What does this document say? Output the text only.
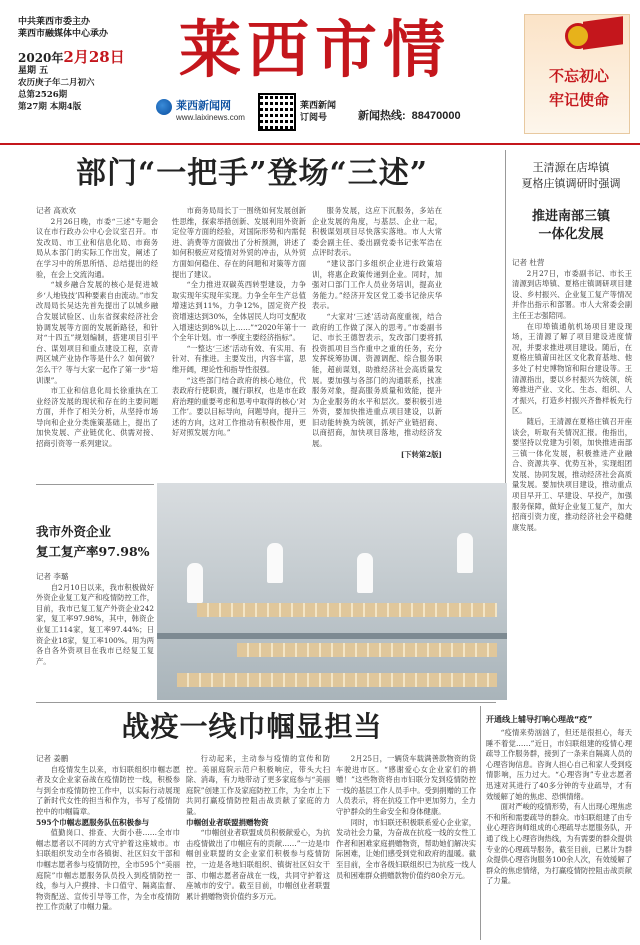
中共莱西市委主办
莱西市融媒体中心承办
2020年2月28日
星期 五
农历庚子年二月初六
总第2526期
第27期 本期4版
莱西市情
莱西新闻网
www.laixinews.com
莱西新闻
订阅号	新闻热线: 88470000
不忘初心
牢记使命
部门“一把手”登场“三述”
记者 高欢欢

2月26日晚，市委“三述”专题会议在市行政办公中心会议室召开。市发改局、市工业和信息化局、市商务局从本部门的实际工作出发，阐述了在学习中的所思所悟、总结提出的经验，在会上交流沟通。

“城乡融合发展的核心是促进城乡‘人地钱技’四种要素自由流动。”市发改局局长吴达先首先提出了以城乡融合发展试验区、山东省探索经济社会协调发展等方面的发展新路径，和针对“十四五”规划编制，搭建项目引平台、谋划项目和重点建设工程，京青两区城产业协作等是什么？如何做？怎么干？等与大家一起作了第一步“培训课”。

市工业和信息化局长徐重执在工业经济发展的现状和存在的主要问题方面，并作了相关分析，从坚持市场导向和企业分类施策基础上，提出了加快发展、产业链优化、供需对接、招商引资等一系列建议。

市商务局局长丁一围绕如何发展创新性思维，探索举措创新、发展利用外资新定位等方面的经验，对国际形势和内需促进、消费等方面做出了分析预测，讲述了如何积极应对疫情对外贸的冲击，从外贸方面如何稳住、存在的问题和对策等方面提出了建议。

“全力推进双碳英西转型建设，力争取实现年实现年实现。力争全年生产总值增速达到11%，力争12%，固定资产投资增速达到30%，全体居民人均可支配收入增速达到8%以上……”“2020年第十一个全年计划。市一季度主要经济指标”。

“一整达‘三述’活动有效、有实用、有针对、有推进。主要发出，内容丰富，思维开阔，理论性和指导性很强。

“这些部门结合政府的核心地位，代表政府行使职责，履行职权，也是市在政府治理的重要考虑和思考中取得的核心‘对工作’。要以目标导向，问题导向，提升三述的方向，这对工作推动有积极作用，更好对照发展方向。”

服务发展，这应下沉服务，多站在企业发展的角度，与基层、企业一起，积极谋划项目尽快落实落地。市人大常委会副主任、委出副党委书记张军浩在点评时表示。

“建议部门多组织企业进行政策培训，将惠企政策传递到企业。同时，加强对口部门工作人员业务培训，提高业务能力。”经济开发区党工委书记徐庆华表示。

“大家对‘三述’活动高度重视，结合政府的工作做了深入的思考。”市委副书记、市长王德智表示，发改部门要将抓投资抓项目当作重中之重的任务，充分发挥统筹协调、资源调配、综合服务职能，超前谋划，助推经济社会高质量发展。要加强与各部门的沟通联系，找准服务对象，提高服务质量和效能，提升为企业服务的水平和层次。要积极引进外资，要加快推进重点项目建设，以新旧动能转换为统领，抓好产业链招商、以商招商，加快项目落地，推动经济发展。

[下转第2版]
王清源在店埠镇
夏格庄镇调研时强调
推进南部三镇
一体化发展
记者 杜营

2月27日，市委副书记、市长王清源到店埠镇、夏格庄镇调研项目建设、乡村振兴、企业复工复产等情况并作出指示和部署。市人大常委会副主任王志强陪同。

在印埠镇通航机场项目建设现场，王清源了解了项目建设进度情况，并要求推进项目建设。随后，在夏格庄镇莆田社区文化教育基地、他多处了村史博物馆和阳台建设等。王清源指出，要以乡村振兴为统领，统筹推进产业、文化、生态、组织、人才振兴，打造乡村振兴齐鲁样板先行区。

随后，王清源在夏格庄镇召开座谈会，听取有关情况汇报。他指出，要坚持以党建为引领，加快推进南部三镇一体化发展，积极推进产业融合、资源共享、优势互补，实现组团发展、协同发展，推动经济社会高质量发展。要加快项目建设，推动重点项目早开工、早建设、早投产，加强服务保障，做好企业复工复产，加大招商引资力度，推动经济社会平稳健康发展。

我市外资企业
复工复产率97.98%
记者 李璐

自2月10日以来，我市积极做好外资企业复工复产和疫情防控工作，目前，我市已复工复产外资企业242家，复工率97.98%，其中，韩资企业复工114家，复工率97.44%；日资企业18家，复工率100%。用为两各自各外资项目在我市已经复工复产。

战疫一线巾帼显担当
记者 姜鹏

自疫情发生以来，市妇联组织巾帼志愿者及女企业家奋战在疫情防控一线，积极参与到全市疫情防控工作中，以实际行动展现了新时代女性的担当和作为，书写了疫情防控中的巾帼篇章。

595个巾帼志愿服务队伍积极参与

值勤岗口、排查、大街小巷……全市巾帼志愿者以不同的方式守护着这座城市。市妇联组织发动全市各镇街、社区妇女干部和巾帼志愿者参与疫情防控，全市595个“美丽庭院”巾帼志愿服务队员投入到疫情防控一线，参与入户摸排、卡口值守、隔离监督、物资配送、宣传引导等工作，为全市疫情防控工作贡献了巾帼力量。

行动起来，主动参与疫情的宣传和防控。美丽庭院示范户积极响应，带头大扫除、消毒，有力地带动了更多家庭参与“美丽庭院”创建工作及家庭防控工作，为全市上下共同打赢疫情防控阻击战贡献了家庭的力量。

巾帼创业者联盟捐赠物资

“巾帼创业者联盟成员积极献爱心，为抗击疫情做出了巾帼应有的贡献……”一边是巾帼创业联盟的女企业家们积极参与疫情防控，一边是各地妇联组织、镇街社区妇女干部、巾帼志愿者奋战在一线，共同守护着这座城市的安宁。截至目前，巾帼创业者联盟累计捐赠物资价值约多万元。

2月25日，一辆货车载满善款物资的货车驶进市区。“感谢爱心女企业家们的捐赠！”这些物资将由市妇联分发到疫情防控一线的基层工作人员手中。受到捐赠的工作人员表示，将在抗疫工作中更加努力，全力守护群众的生命安全和身体健康。

同时，市妇联还积极联系爱心企业家，发动社会力量，为奋战在抗疫一线的女性工作者和困难家庭捐赠物资，帮助她们解决实际困难，让她们感受到党和政府的温暖。截至目前，全市各级妇联组织已为抗疫一线人员和困难群众捐赠款物价值约80余万元。

开通线上辅导打响心理战“疫”

“疫情来势汹汹了，但还是很担心，每天睡不着觉……”近日，市妇联组建的疫情心理疏导工作服务群，接到了一条来自隔离人员的心理咨询信息。咨询人担心自己和家人受到疫情影响，压力过大。“心理咨询”专业志愿者迅速对其进行了40多分钟的专业疏导，才有效缓解了她的焦虑、恐惧情绪。

面对严峻的疫情形势，有人出现心理焦虑不和所和需要疏导的群众。市妇联组建了由专业心理咨询师组成的心理疏导志愿服务队，开通了线上心理咨询热线，为有需要的群众提供专业的心理疏导服务，截至目前，已累计为群众提供心理咨询服务100余人次，有效缓解了群众的焦虑情绪，为打赢疫情防控阻击战贡献了力量。
